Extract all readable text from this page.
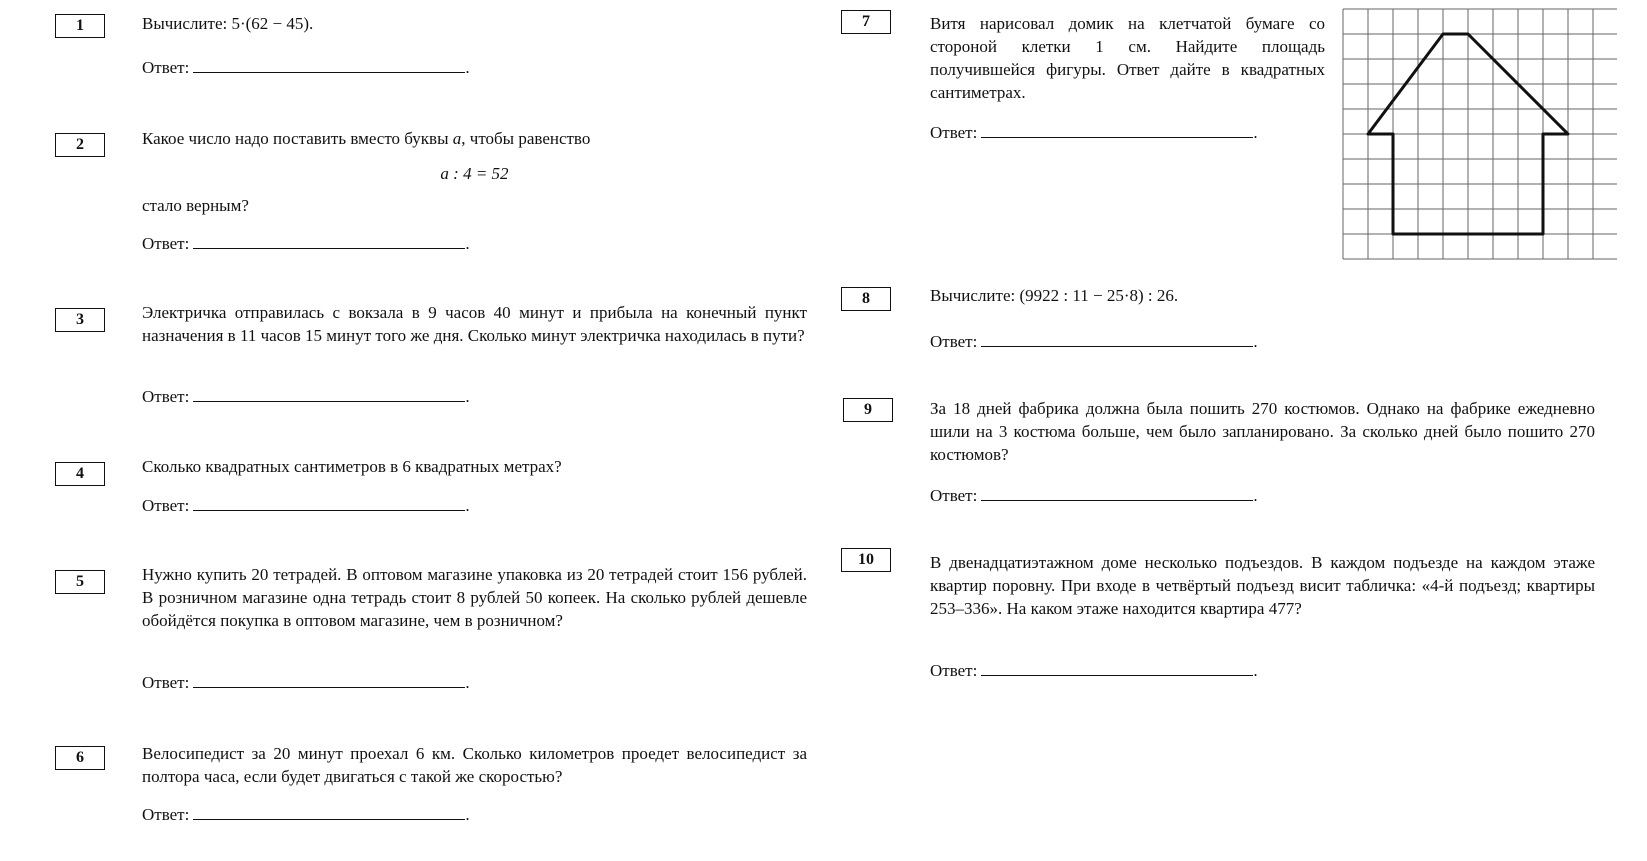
1	Вычислите: 5·(62 − 45).
Ответ:	.
2	Какое число надо поставить вместо буквы a, чтобы равенство

a : 4 = 52
стало верным?
Ответ:	.
3	Электричка отправилась с вокзала в 9 часов 40 минут и прибыла на конечный пункт назначения в 11 часов 15 минут того же дня. Сколько минут электричка находилась в пути?
Ответ:	.
4	Сколько квадратных сантиметров в 6 квадратных метрах?
Ответ:	.
5	Нужно купить 20 тетрадей. В оптовом магазине упаковка из 20 тетрадей стоит 156 рублей. В розничном магазине одна тетрадь стоит 8 рублей 50 копеек. На сколько рублей дешевле обойдётся покупка в оптовом магазине, чем в розничном?
Ответ:	.
6	Велосипедист за 20 минут проехал 6 км. Сколько километров проедет велосипедист за полтора часа, если будет двигаться с такой же скоростью?
Ответ:	.
7	Витя нарисовал домик на клетчатой бумаге со стороной клетки 1 см. Найдите площадь получившейся фигуры. Ответ дайте в квадратных сантиметрах.
Ответ:	.
8	Вычислите: (9922 : 11 − 25·8) : 26.
Ответ:	.
9	За 18 дней фабрика должна была пошить 270 костюмов. Однако на фабрике ежедневно шили на 3 костюма больше, чем было запланировано. За сколько дней было пошито 270 костюмов?
Ответ:	.
10	В двенадцатиэтажном доме несколько подъездов. В каждом подъезде на каждом этаже квартир поровну. При входе в четвёртый подъезд висит табличка: «4-й подъезд; квартиры 253–336». На каком этаже находится квартира 477?
Ответ:	.
